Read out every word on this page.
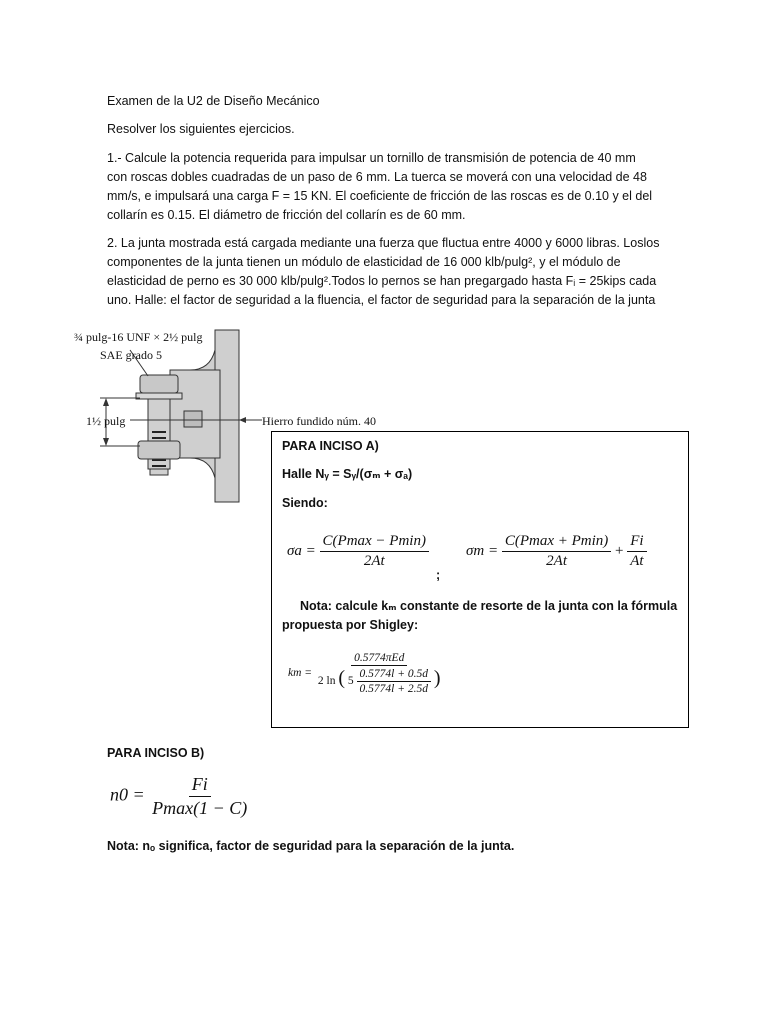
Examen de la U2 de Diseño Mecánico
Resolver los siguientes ejercicios.
1.- Calcule la potencia requerida para impulsar un tornillo de transmisión de potencia de 40 mm
con roscas dobles cuadradas de un paso de 6 mm. La tuerca se moverá con una velocidad de 48
mm/s, e impulsará una carga F = 15 KN. El coeficiente de fricción de las roscas es de 0.10 y el del
collarín es 0.15. El diámetro de fricción del collarín es de 60 mm.
2. La junta mostrada está cargada mediante una fuerza que fluctua entre 4000 y 6000 libras. Loslos
componentes de la junta tienen un módulo de elasticidad de 16 000 klb/pulg², y el módulo de
elasticidad de perno es 30 000 klb/pulg².Todos lo pernos se han pregargado hasta Fᵢ = 25kips cada
uno. Halle: el factor de seguridad a la fluencia, el factor de seguridad para la separación de la junta
¾ pulg-16 UNF × 2½ pulg
SAE grado 5
1½ pulg	Hierro fundido núm. 40
PARA INCISO A)
Halle Nᵧ = Sᵧ/(σₘ + σₐ)
Siendo:
$\sigma a = \frac{C(Pmax - Pmin)}{2At}$
;
$\sigma m = \frac{C(Pmax + Pmin)}{2At} + \frac{Fi}{At}$
Nota: calcule kₘ constante de resorte de la junta con la fórmula
propuesta por Shigley:
km =
0.5774πEd
2 ln ( $5 \frac{0.5774l + 0.5d}{0.5774l + 2.5d}$ )
PARA INCISO B)
$n0 = \frac{Fi}{Pmax(1 - C)}$
Nota: nₒ significa, factor de seguridad para la separación de la junta.
